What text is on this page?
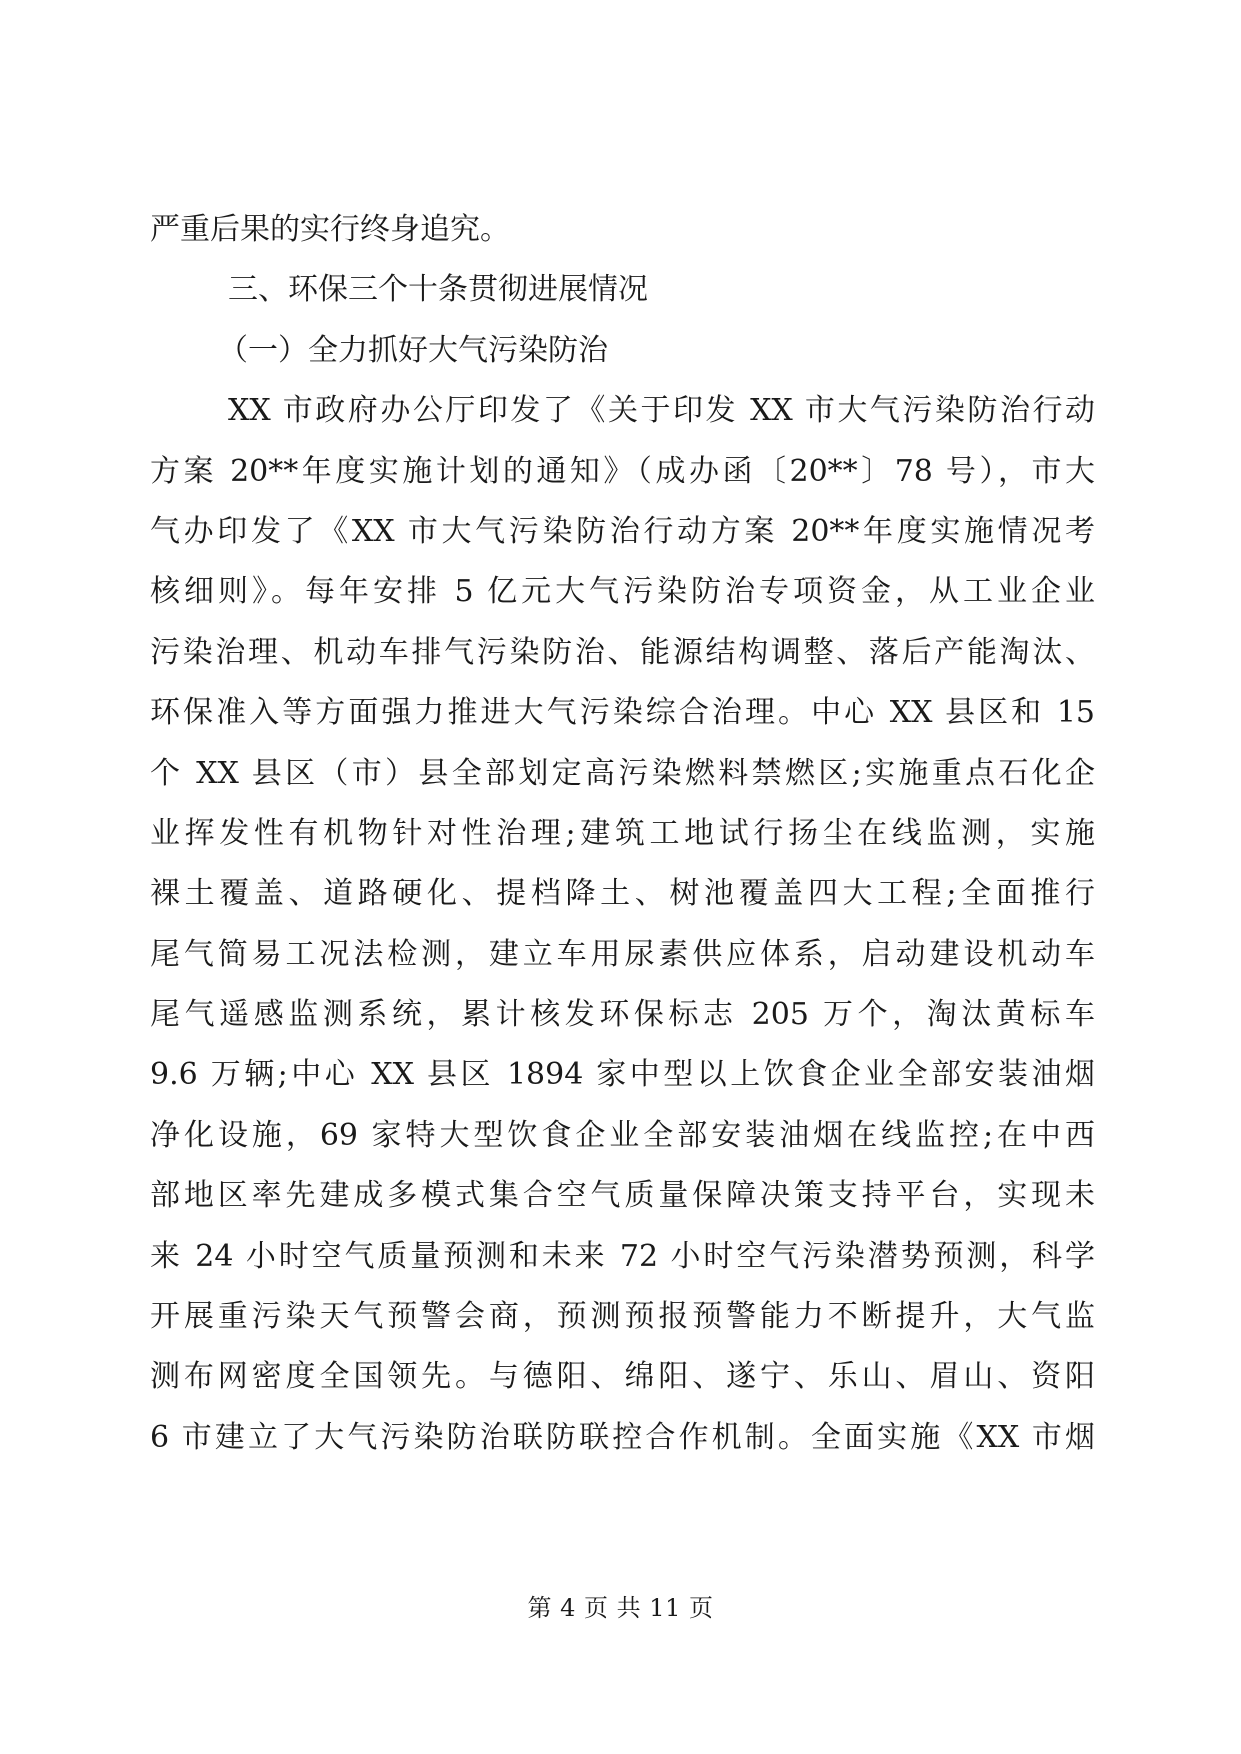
严重后果的实行终身追究。
三、环保三个十条贯彻进展情况
（一）全力抓好大气污染防治
XX 市政府办公厅印发了《关于印发 XX 市大气污染防治行动
方案 20**年度实施计划的通知》（成办函〔20**〕78 号），市大
气办印发了《XX 市大气污染防治行动方案 20**年度实施情况考
核细则》。每年安排 5 亿元大气污染防治专项资金，从工业企业
污染治理、机动车排气污染防治、能源结构调整、落后产能淘汰、
环保准入等方面强力推进大气污染综合治理。中心 XX 县区和 15
个 XX 县区（市）县全部划定高污染燃料禁燃区;实施重点石化企
业挥发性有机物针对性治理;建筑工地试行扬尘在线监测，实施
裸土覆盖、道路硬化、提档降土、树池覆盖四大工程;全面推行
尾气简易工况法检测，建立车用尿素供应体系，启动建设机动车
尾气遥感监测系统，累计核发环保标志 205 万个，淘汰黄标车
9.6 万辆;中心 XX 县区 1894 家中型以上饮食企业全部安装油烟
净化设施，69 家特大型饮食企业全部安装油烟在线监控;在中西
部地区率先建成多模式集合空气质量保障决策支持平台，实现未
来 24 小时空气质量预测和未来 72 小时空气污染潜势预测，科学
开展重污染天气预警会商，预测预报预警能力不断提升，大气监
测布网密度全国领先。与德阳、绵阳、遂宁、乐山、眉山、资阳
6 市建立了大气污染防治联防联控合作机制。全面实施《XX 市烟
第 4 页 共 11 页
